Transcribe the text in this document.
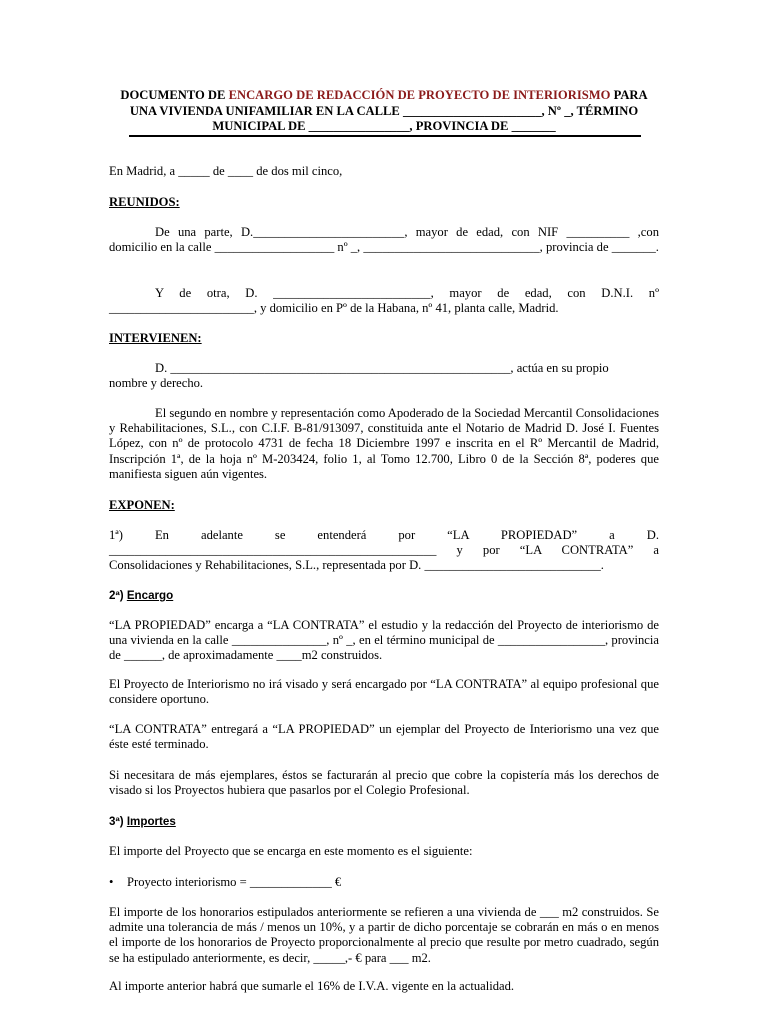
DOCUMENTO DE ENCARGO DE REDACCIÓN DE PROYECTO DE INTERIORISMO PARA UNA VIVIENDA UNIFAMILIAR EN LA CALLE ______________________, Nº _, TÉRMINO MUNICIPAL DE ________________, PROVINCIA DE _______
En Madrid, a _____ de ____ de dos mil cinco,
REUNIDOS:
De una parte, D.________________________, mayor de edad, con NIF __________ ,con domicilio en la calle ___________________ nº _, ____________________________, provincia de _______.
Y de otra, D. _________________________, mayor de edad, con D.N.I. nº _______________________, y domicilio en Pº de la Habana, nº 41, planta calle, Madrid.
INTERVIENEN:
D. ______________________________________________________, actúa en su propio nombre y derecho.
El segundo en nombre y representación como Apoderado de la Sociedad Mercantil Consolidaciones y Rehabilitaciones, S.L., con C.I.F. B-81/913097, constituida ante el Notario de Madrid D. José I. Fuentes López, con nº de protocolo 4731 de fecha 18 Diciembre 1997 e inscrita en el Rº Mercantil de Madrid, Inscripción 1ª, de la hoja nº M-203424, folio 1, al Tomo 12.700, Libro 0 de la Sección 8ª, poderes que manifiesta siguen aún vigentes.
EXPONEN:
1ª) En adelante se entenderá por “LA PROPIEDAD” a D. ____________________________________________________ y por “LA CONTRATA” a Consolidaciones y Rehabilitaciones, S.L., representada por D. ____________________________.
2ª) Encargo
“LA PROPIEDAD” encarga a “LA CONTRATA” el estudio y la redacción del Proyecto de interiorismo de una vivienda en la calle _______________, nº _, en el término municipal de _________________, provincia de ______, de aproximadamente ____m2 construidos.
El Proyecto de Interiorismo no irá visado y será encargado por “LA CONTRATA” al equipo profesional que considere oportuno.
“LA CONTRATA” entregará a “LA PROPIEDAD” un ejemplar del Proyecto de Interiorismo una vez que éste esté terminado.
Si necesitara de más ejemplares, éstos se facturarán al precio que cobre la copistería más los derechos de visado si los Proyectos hubiera que pasarlos por el Colegio Profesional.
3ª) Importes
El importe del Proyecto que se encarga en este momento es el siguiente:
•	Proyecto interiorismo = _____________ €
El importe de los honorarios estipulados anteriormente se refieren a una vivienda de ___ m2 construidos. Se admite una tolerancia de más / menos un 10%, y a partir de dicho porcentaje se cobrarán en más o en menos el importe de los honorarios de Proyecto proporcionalmente al precio que resulte por metro cuadrado, según se ha estipulado anteriormente, es decir, _____,- € para ___ m2.
Al importe anterior habrá que sumarle el 16% de I.V.A. vigente en la actualidad.
